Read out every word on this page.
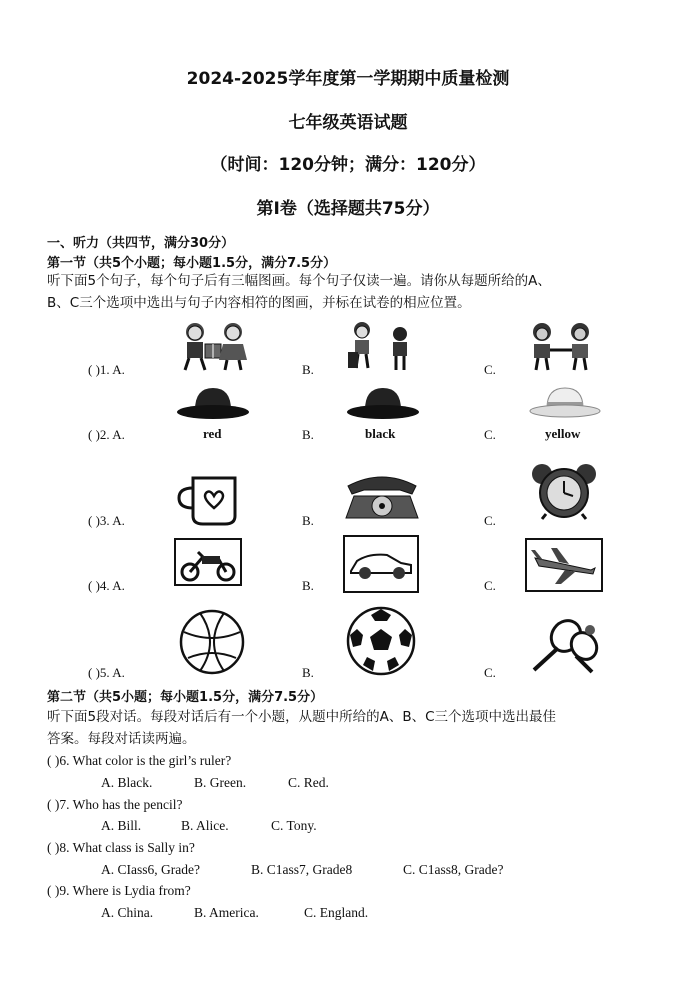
2024-2025学年度第一学期期中质量检测
七年级英语试题
（时间：120分钟；满分：120分）
第Ⅰ卷（选择题共75分）
一、听力（共四节，满分30分）
第一节（共5个小题；每小题1.5分，满分7.5分）
听下面5个句子，每个句子后有三幅图画。每个句子仅读一遍。请你从每题所给的A、
B、C三个选项中选出与句子内容相符的图画，并标在试卷的相应位置。
( )1. A.	B.	C.
( )2. A.	B.	C.
red	black	yellow
( )3. A.	B.	C.
( )4. A.	B.	C.
( )5. A.	B.	C.
第二节（共5小题；每小题1.5分，满分7.5分）
听下面5段对话。每段对话后有一个小题，从题中所给的A、B、C三个选项中选出最佳
答案。每段对话读两遍。
( )6. What color is the girl’s ruler?
A. Black.	B. Green.	C. Red.
( )7. Who has the pencil?
A. Bill.	B. Alice.	C. Tony.
( )8. What class is Sally in?
A. CIass6, Grade?	B. C1ass7, Grade8	C. C1ass8, Grade?
( )9. Where is Lydia from?
A. China.	B. America.	C. England.
